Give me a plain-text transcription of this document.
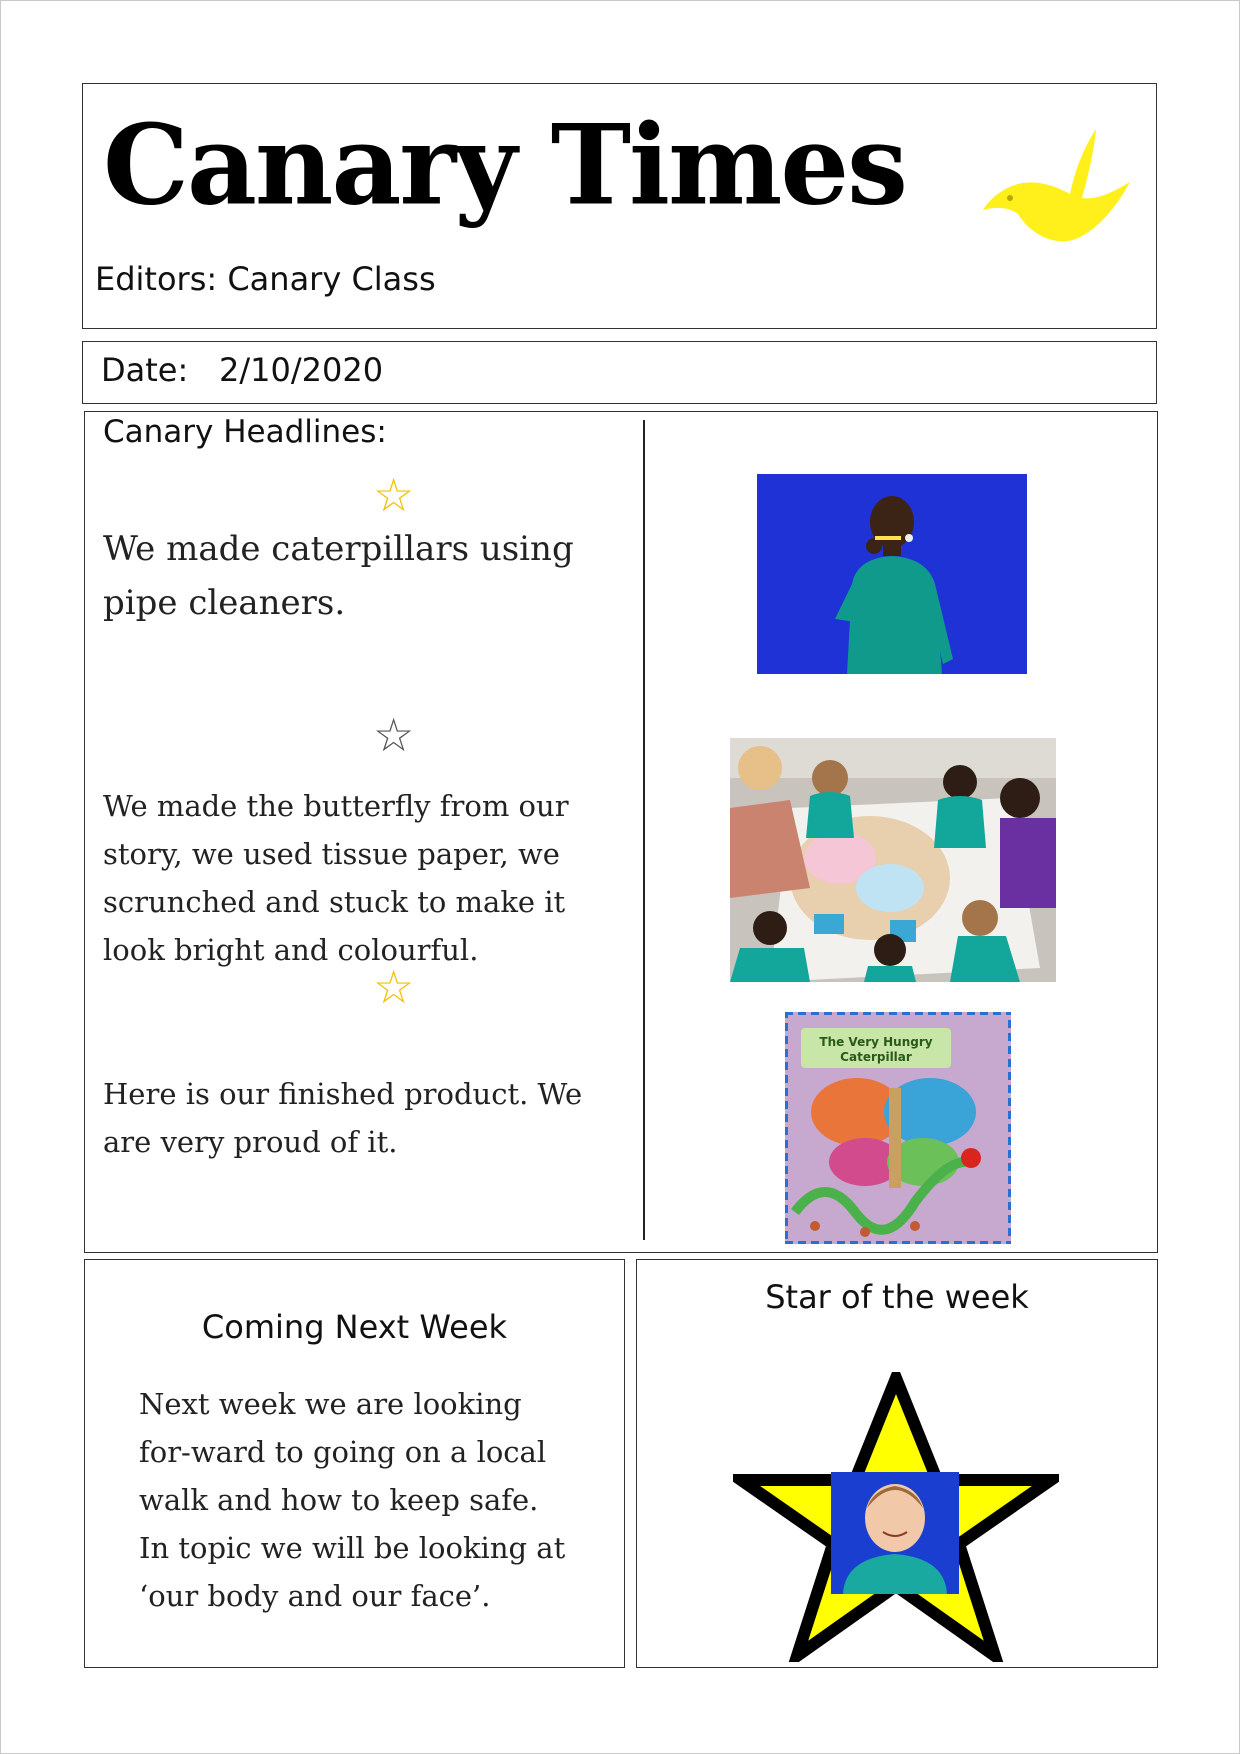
Canary Times
Editors: Canary Class
Date: 2/10/2020
Canary Headlines:
☆
We made caterpillars using pipe cleaners.
☆
We made the butterfly from our story, we used tissue paper, we scrunched and stuck to make it look bright and colourful.
☆
Here is our finished product. We are very proud of it.
The Very Hungry
Caterpillar
Coming Next Week
Next week we are looking for-ward to going on a local walk and how to keep safe. In topic we will be looking at ‘our body and our face’.
Star of the week
